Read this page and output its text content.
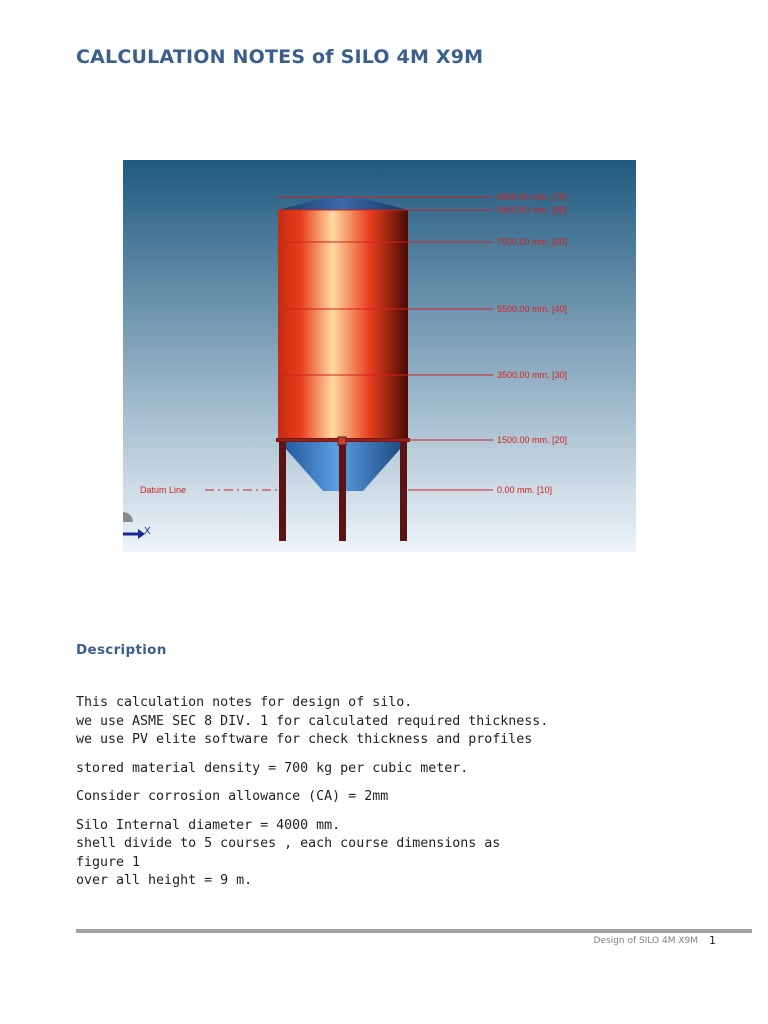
CALCULATION NOTES of SILO 4M X9M
6900.00 mm. [70]
6800.00 mm. [60]
7500.00 mm. [50]
5500.00 mm. [40]
3500.00 mm. [30]
1500.00 mm. [20]
0.00 mm. [10]
Datum Line
X
Description
This calculation notes for design of silo.
we use ASME SEC 8 DIV. 1 for calculated required thickness.
we use PV elite software for check thickness and profiles
stored material density = 700 kg per cubic meter.
Consider corrosion allowance (CA) = 2mm
Silo Internal diameter = 4000 mm.
shell divide to 5 courses , each course dimensions as
figure 1
over all height = 9 m.
Design of SILO 4M X9M 1
